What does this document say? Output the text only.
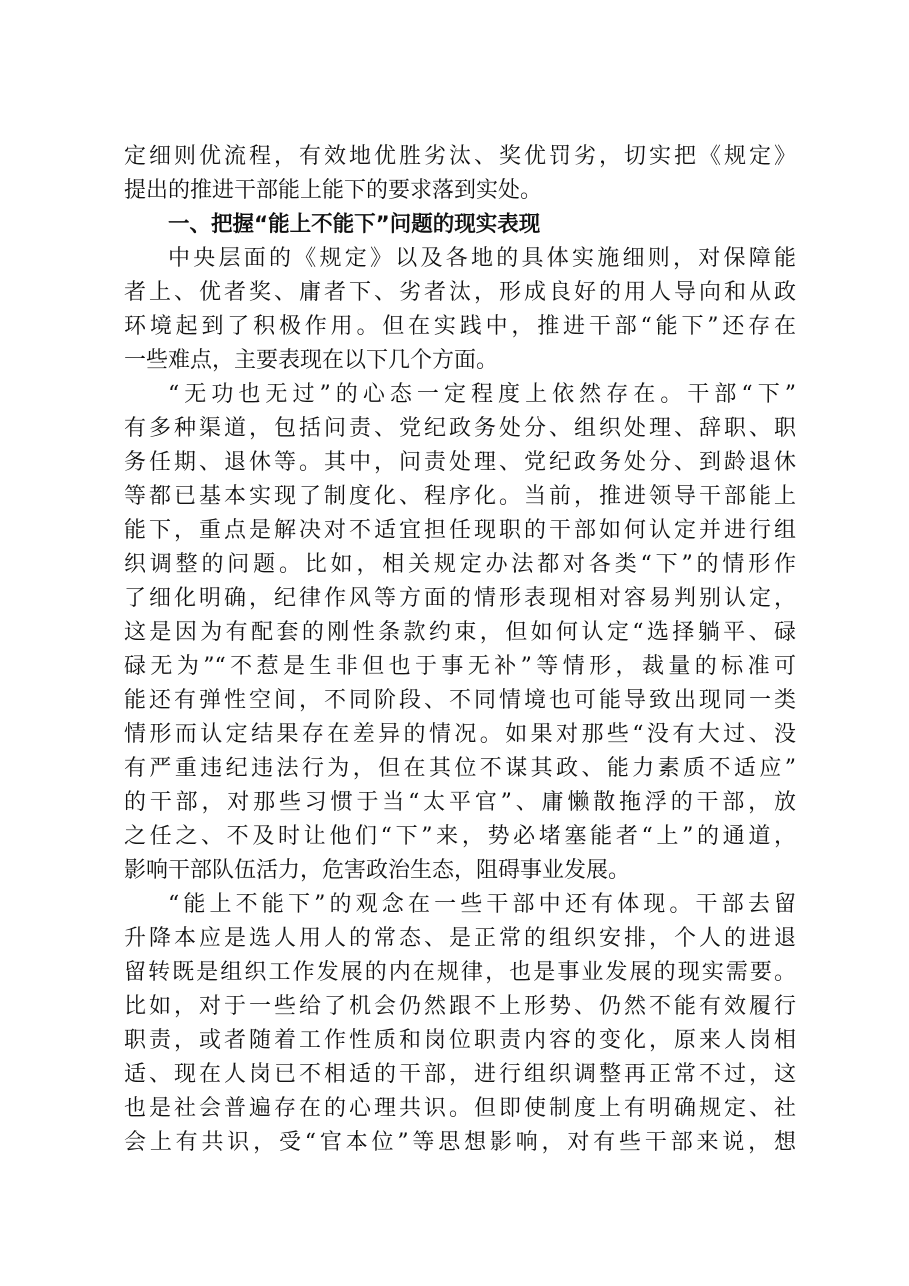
定细则优流程，有效地优胜劣汰、奖优罚劣，切实把《规定》
提出的推进干部能上能下的要求落到实处。
一、把握“能上不能下”问题的现实表现
中央层面的《规定》以及各地的具体实施细则，对保障能
者上、优者奖、庸者下、劣者汰，形成良好的用人导向和从政
环境起到了积极作用。但在实践中，推进干部“能下”还存在
一些难点，主要表现在以下几个方面。
“无功也无过”的心态一定程度上依然存在。干部“下”
有多种渠道，包括问责、党纪政务处分、组织处理、辞职、职
务任期、退休等。其中，问责处理、党纪政务处分、到龄退休
等都已基本实现了制度化、程序化。当前，推进领导干部能上
能下，重点是解决对不适宜担任现职的干部如何认定并进行组
织调整的问题。比如，相关规定办法都对各类“下”的情形作
了细化明确，纪律作风等方面的情形表现相对容易判别认定，
这是因为有配套的刚性条款约束，但如何认定“选择躺平、碌
碌无为”“不惹是生非但也于事无补”等情形，裁量的标准可
能还有弹性空间，不同阶段、不同情境也可能导致出现同一类
情形而认定结果存在差异的情况。如果对那些“没有大过、没
有严重违纪违法行为，但在其位不谋其政、能力素质不适应”
的干部，对那些习惯于当“太平官”、庸懒散拖浮的干部，放
之任之、不及时让他们“下”来，势必堵塞能者“上”的通道，
影响干部队伍活力，危害政治生态，阻碍事业发展。
“能上不能下”的观念在一些干部中还有体现。干部去留
升降本应是选人用人的常态、是正常的组织安排，个人的进退
留转既是组织工作发展的内在规律，也是事业发展的现实需要。
比如，对于一些给了机会仍然跟不上形势、仍然不能有效履行
职责，或者随着工作性质和岗位职责内容的变化，原来人岗相
适、现在人岗已不相适的干部，进行组织调整再正常不过，这
也是社会普遍存在的心理共识。但即使制度上有明确规定、社
会上有共识，受“官本位”等思想影响，对有些干部来说，想
